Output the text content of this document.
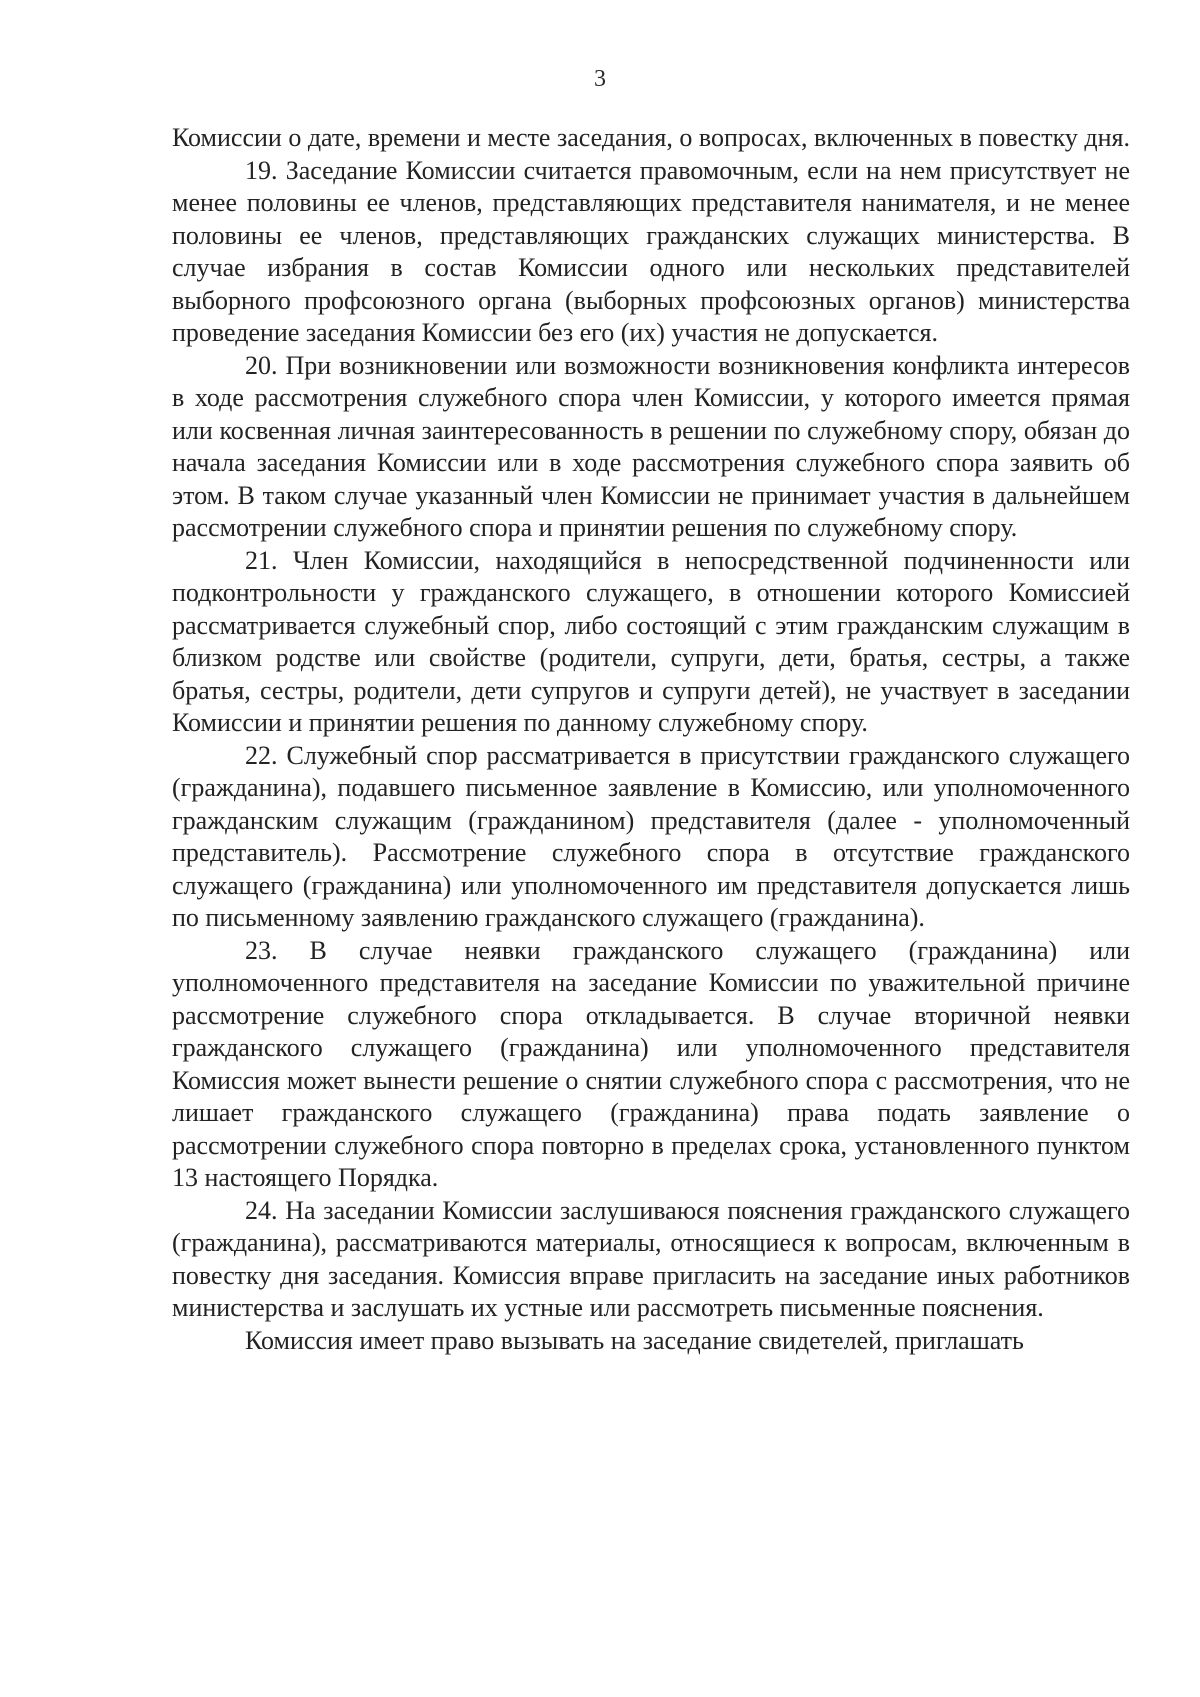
3

Комиссии о дате, времени и месте заседания, о вопросах, включенных в повестку дня.

19. Заседание Комиссии считается правомочным, если на нем присутствует не менее половины ее членов, представляющих представителя нанимателя, и не менее половины ее членов, представляющих гражданских служащих министерства. В случае избрания в состав Комиссии одного или нескольких представителей выборного профсоюзного органа (выборных профсоюзных органов) министерства проведение заседания Комиссии без его (их) участия не допускается.

20. При возникновении или возможности возникновения конфликта интересов в ходе рассмотрения служебного спора член Комиссии, у которого имеется прямая или косвенная личная заинтересованность в решении по служебному спору, обязан до начала заседания Комиссии или в ходе рассмотрения служебного спора заявить об этом. В таком случае указанный член Комиссии не принимает участия в дальнейшем рассмотрении служебного спора и принятии решения по служебному спору.

21. Член Комиссии, находящийся в непосредственной подчиненности или подконтрольности у гражданского служащего, в отношении которого Комиссией рассматривается служебный спор, либо состоящий с этим гражданским служащим в близком родстве или свойстве (родители, супруги, дети, братья, сестры, а также братья, сестры, родители, дети супругов и супруги детей), не участвует в заседании Комиссии и принятии решения по данному служебному спору.

22. Служебный спор рассматривается в присутствии гражданского служащего (гражданина), подавшего письменное заявление в Комиссию, или уполномоченного гражданским служащим (гражданином) представителя (далее - уполномоченный представитель). Рассмотрение служебного спора в отсутствие гражданского служащего (гражданина) или уполномоченного им представителя допускается лишь по письменному заявлению гражданского служащего (гражданина).

23. В случае неявки гражданского служащего (гражданина) или уполномоченного представителя на заседание Комиссии по уважительной причине рассмотрение служебного спора откладывается. В случае вторичной неявки гражданского служащего (гражданина) или уполномоченного представителя Комиссия может вынести решение о снятии служебного спора с рассмотрения, что не лишает гражданского служащего (гражданина) права подать заявление о рассмотрении служебного спора повторно в пределах срока, установленного пунктом 13 настоящего Порядка.

24. На заседании Комиссии заслушиваюся пояснения гражданского служащего (гражданина), рассматриваются материалы, относящиеся к вопросам, включенным в повестку дня заседания. Комиссия вправе пригласить на заседание иных работников министерства и заслушать их устные или рассмотреть письменные пояснения.

Комиссия имеет право вызывать на заседание свидетелей, приглашать
